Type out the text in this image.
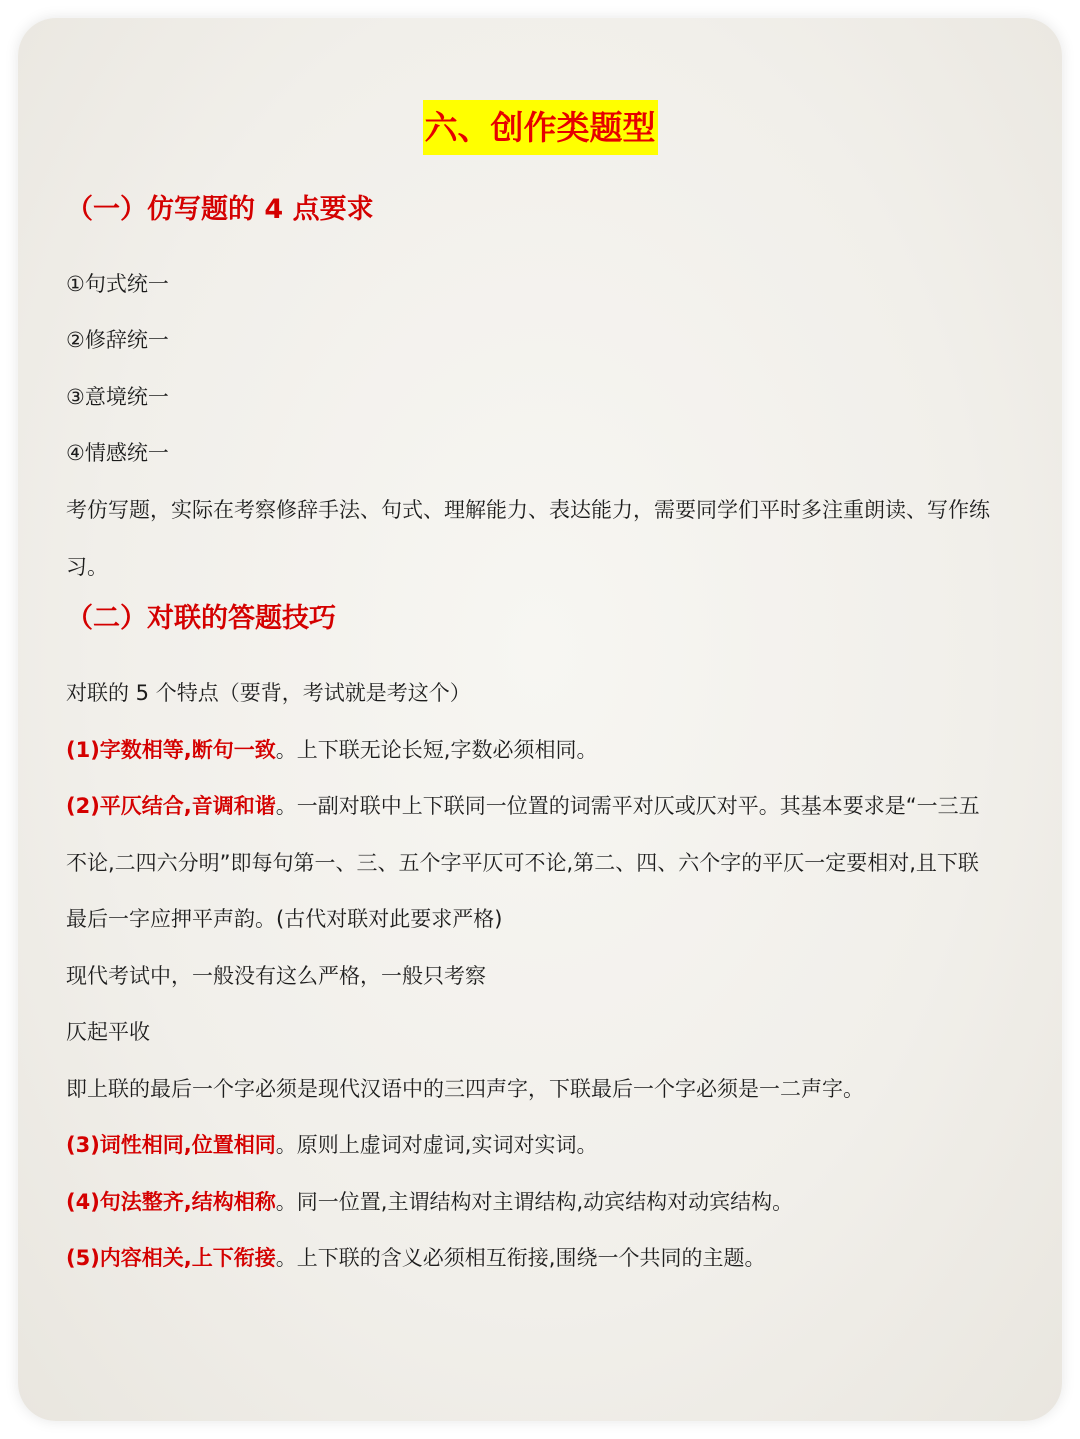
六、创作类题型
（一）仿写题的 4 点要求
①句式统一
②修辞统一
③意境统一
④情感统一
考仿写题，实际在考察修辞手法、句式、理解能力、表达能力，需要同学们平时多注重朗读、写作练
习。
（二）对联的答题技巧
对联的 5 个特点（要背，考试就是考这个）
(1)字数相等,断句一致。上下联无论长短,字数必须相同。
(2)平仄结合,音调和谐。一副对联中上下联同一位置的词需平对仄或仄对平。其基本要求是“一三五
不论,二四六分明”即每句第一、三、五个字平仄可不论,第二、四、六个字的平仄一定要相对,且下联
最后一字应押平声韵。(古代对联对此要求严格)
现代考试中，一般没有这么严格，一般只考察
仄起平收
即上联的最后一个字必须是现代汉语中的三四声字，下联最后一个字必须是一二声字。
(3)词性相同,位置相同。原则上虚词对虚词,实词对实词。
(4)句法整齐,结构相称。同一位置,主谓结构对主谓结构,动宾结构对动宾结构。
(5)内容相关,上下衔接。上下联的含义必须相互衔接,围绕一个共同的主题。
